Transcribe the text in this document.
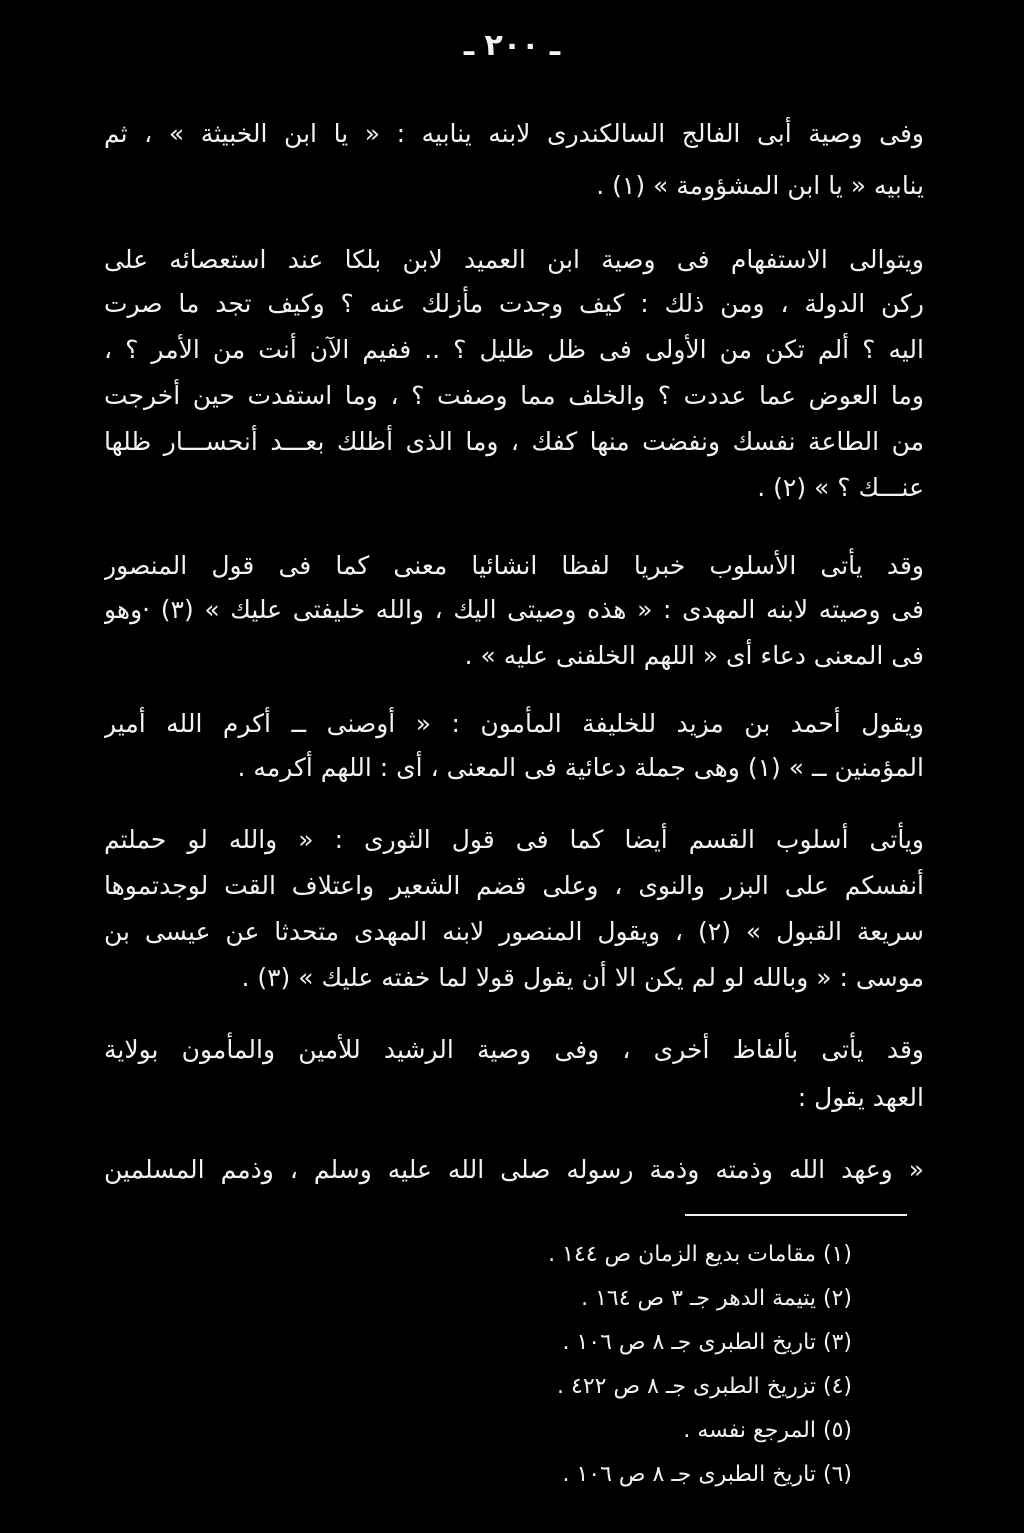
ـ ٢٠٠ ـ
وفى وصية أبى الفالج السالكندرى لابنه ينابيه : « يا ابن الخبيثة » ، ثم
ينابيه « يا ابن المشؤومة » (١) .
ويتوالى الاستفهام فى وصية ابن العميد لابن بلكا عند استعصائه على
ركن الدولة ، ومن ذلك : كيف وجدت مأزلك عنه ؟ وكيف تجد ما صرت
اليه ؟ ألم تكن من الأولى فى ظل ظليل ؟ .. ففيم الآن أنت من الأمر ؟ ،
وما العوض عما عددت ؟ والخلف مما وصفت ؟ ، وما استفدت حين أخرجت
من الطاعة نفسك ونفضت منها كفك ، وما الذى أظلك بعـــد أنحســـار ظلها
عنـــك ؟ » (٢) .
وقد يأتى الأسلوب خبريا لفظا انشائيا معنى كما فى قول المنصور
فى وصيته لابنه المهدى : « هذه وصيتى اليك ، والله خليفتى عليك » (٣) ·وهو
فى المعنى دعاء أى « اللهم الخلفنى عليه » .
ويقول أحمد بن مزيد للخليفة المأمون : « أوصنى ــ أكرم الله أمير
المؤمنين ــ » (١) وهى جملة دعائية فى المعنى ، أى : اللهم أكرمه .
ويأتى أسلوب القسم أيضا كما فى قول الثورى : « والله لو حملتم
أنفسكم على البزر والنوى ، وعلى قضم الشعير واعتلاف القت لوجدتموها
سريعة القبول » (٢) ، ويقول المنصور لابنه المهدى متحدثا عن عيسى بن
موسى : « وبالله لو لم يكن الا أن يقول قولا لما خفته عليك » (٣) .
وقد يأتى بألفاظ أخرى ، وفى وصية الرشيد للأمين والمأمون بولاية
العهد يقول :
« وعهد الله وذمته وذمة رسوله صلى الله عليه وسلم ، وذمم المسلمين
(١) مقامات بديع الزمان ص ١٤٤ .
(٢) يتيمة الدهر جـ ٣ ص ١٦٤ .
(٣) تاريخ الطبرى جـ ٨ ص ١٠٦ .
(٤) تزريخ الطبرى جـ ٨ ص ٤٢٢ .
(٥) المرجع نفسه .
(٦) تاريخ الطبرى جـ ٨ ص ١٠٦ .
